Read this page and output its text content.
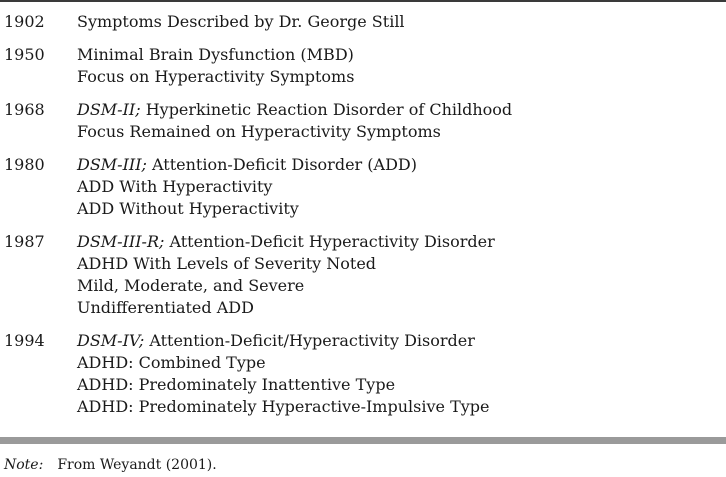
1902 Symptoms Described by Dr. George Still
1950 Minimal Brain Dysfunction (MBD)
Focus on Hyperactivity Symptoms
1968 DSM-II; Hyperkinetic Reaction Disorder of Childhood
Focus Remained on Hyperactivity Symptoms
1980 DSM-III; Attention-Deficit Disorder (ADD)
ADD With Hyperactivity
ADD Without Hyperactivity
1987 DSM-III-R; Attention-Deficit Hyperactivity Disorder
ADHD With Levels of Severity Noted
Mild, Moderate, and Severe
Undifferentiated ADD
1994 DSM-IV; Attention-Deficit/Hyperactivity Disorder
ADHD: Combined Type
ADHD: Predominately Inattentive Type
ADHD: Predominately Hyperactive-Impulsive Type
Note: From Weyandt (2001).
